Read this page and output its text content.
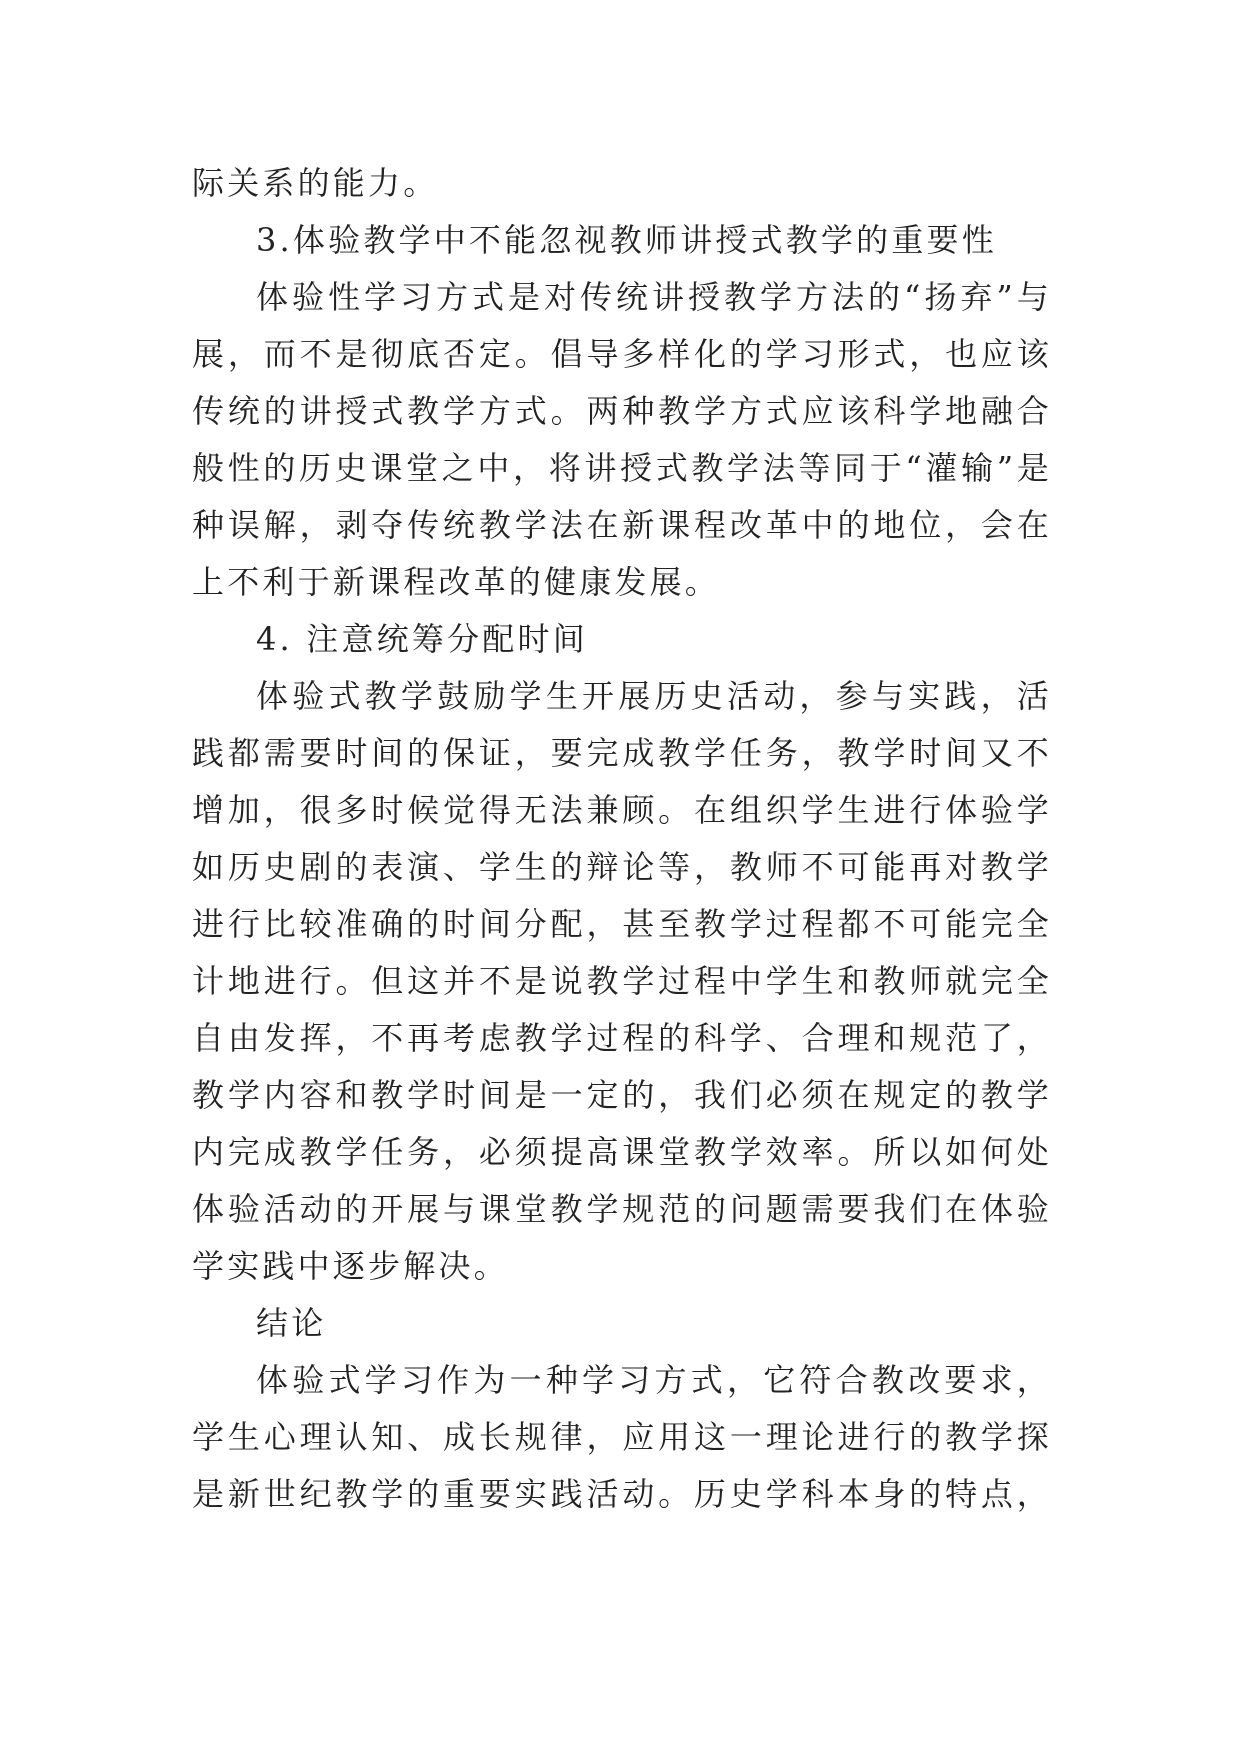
际关系的能力。
3.体验教学中不能忽视教师讲授式教学的重要性
体验性学习方式是对传统讲授教学方法的“扬弃”与
展，而不是彻底否定。倡导多样化的学习形式，也应该
传统的讲授式教学方式。两种教学方式应该科学地融合
般性的历史课堂之中，将讲授式教学法等同于“灌输”是
种误解，剥夺传统教学法在新课程改革中的地位，会在
上不利于新课程改革的健康发展。
4. 注意统筹分配时间
体验式教学鼓励学生开展历史活动，参与实践，活
践都需要时间的保证，要完成教学任务，教学时间又不
增加，很多时候觉得无法兼顾。在组织学生进行体验学
如历史剧的表演、学生的辩论等，教师不可能再对教学
进行比较准确的时间分配，甚至教学过程都不可能完全
计地进行。但这并不是说教学过程中学生和教师就完全
自由发挥，不再考虑教学过程的科学、合理和规范了，
教学内容和教学时间是一定的，我们必须在规定的教学
内完成教学任务，必须提高课堂教学效率。所以如何处
体验活动的开展与课堂教学规范的问题需要我们在体验
学实践中逐步解决。
结论
体验式学习作为一种学习方式，它符合教改要求，
学生心理认知、成长规律，应用这一理论进行的教学探
是新世纪教学的重要实践活动。历史学科本身的特点，
